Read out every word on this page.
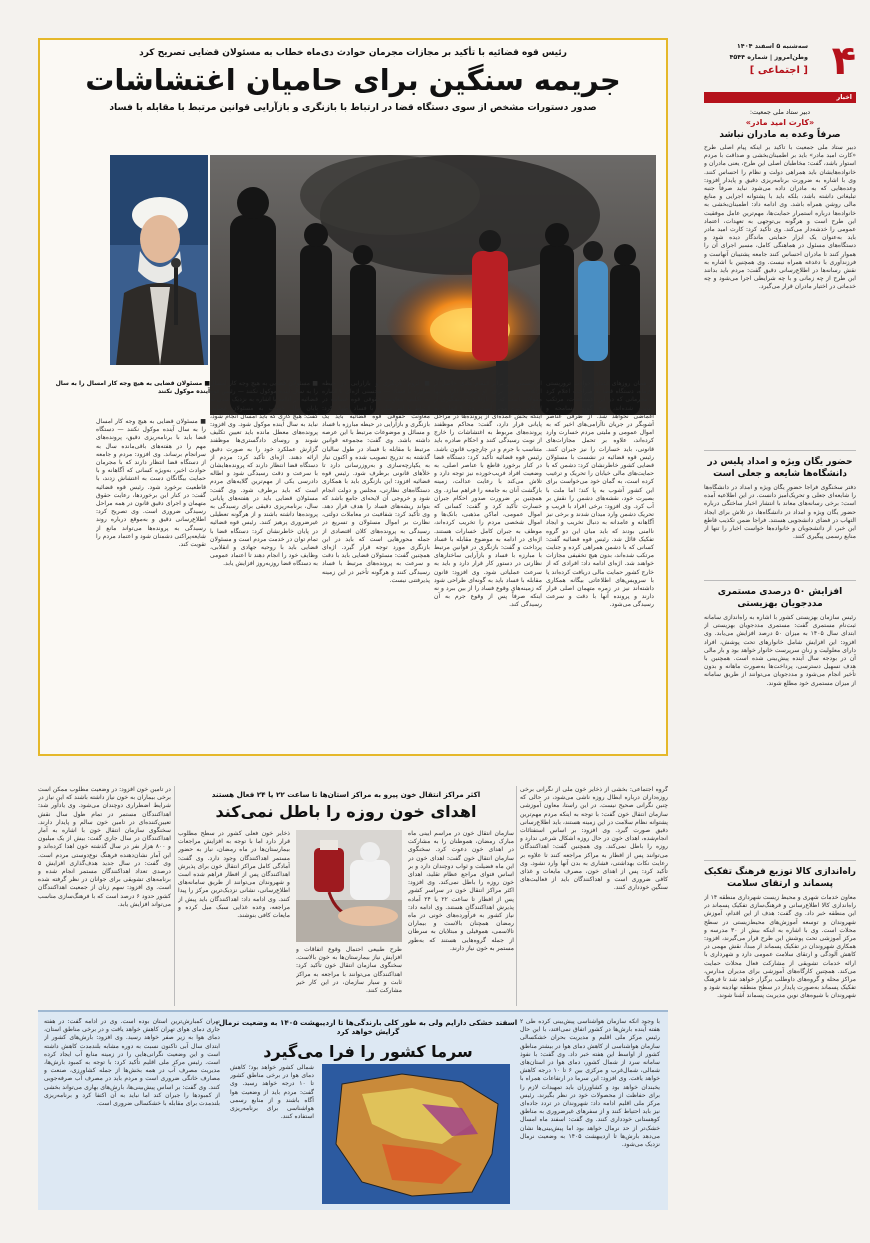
۴
سه‌شنبه ۵ اسفند ۱۴۰۴
وطن‌امروز | شماره ۴۵۴۴
[ اجتماعی ]
اخبار
دبیر ستاد ملی جمعیت:
«کارت امید مادر»
صرفاً وعده به مادران نباشد
دبیر ستاد ملی جمعیت با تأکید بر اینکه پیام اصلی طرح «کارت امید مادر» باید بر اطمینان‌بخشی و صداقت با مردم استوار باشد، گفت: مخاطبان اصلی این طرح، یعنی مادران و خانواده‌هایشان باید همراهی دولت و نظام را احساس کنند. وی با اشاره به ضرورت برنامه‌ریزی دقیق و پایدار افزود: وعده‌هایی که به مادران داده می‌شود نباید صرفاً جنبه تبلیغاتی داشته باشد، بلکه باید با پشتوانه اجرایی و منابع مالی روشن همراه باشد. وی ادامه داد: اطمینان‌بخشی به خانواده‌ها درباره استمرار حمایت‌ها، مهم‌ترین عامل موفقیت این طرح است و هرگونه بی‌توجهی به تعهدات، اعتماد عمومی را خدشه‌دار می‌کند. وی تأکید کرد: کارت امید مادر باید به‌عنوان یک ابزار حمایتی ماندگار دیده شود و دستگاه‌های مسئول در هماهنگی کامل، مسیر اجرای آن را هموار کنند تا مادران احساس کنند جامعه پشتیبان آنهاست و فرزندآوری با دغدغه همراه نیست. وی همچنین با اشاره به نقش رسانه‌ها در اطلاع‌رسانی دقیق گفت: مردم باید بدانند این طرح از چه زمانی و با چه شرایطی اجرا می‌شود و چه خدماتی در اختیار مادران قرار می‌گیرد.
حضور یگان ویژه و امداد پلیس در دانشگاه‌ها شایعه و جعلی است
دفتر سخنگوی فراجا حضور یگان ویژه و امداد در دانشگاه‌ها را شایعه‌ای جعلی و تحریک‌آمیز دانست. در این اطلاعیه آمده است: برخی رسانه‌های معاند با انتشار اخبار ساختگی درباره حضور یگان ویژه و امداد در دانشگاه‌ها، در تلاش برای ایجاد التهاب در فضای دانشجویی هستند. فراجا ضمن تکذیب قاطع این خبر، از دانشجویان و خانواده‌ها خواست اخبار را تنها از منابع رسمی پیگیری کنند.
افزایش ۵۰ درصدی مستمری مددجویان بهزیستی
رئیس سازمان بهزیستی کشور با اشاره به راه‌اندازی سامانه ثبت‌نام مستمری گفت: مستمری مددجویان بهزیستی از ابتدای سال ۱۴۰۵ به میزان ۵۰ درصد افزایش می‌یابد. وی افزود: این افزایش شامل خانوارهای تحت پوشش، افراد دارای معلولیت و زنان سرپرست خانوار خواهد بود و بار مالی آن در بودجه سال آینده پیش‌بینی شده است. همچنین با هدف تسهیل دسترسی، پرداخت‌ها به‌صورت ماهانه و بدون تأخیر انجام می‌شود و مددجویان می‌توانند از طریق سامانه از میزان مستمری خود مطلع شوند.
راه‌اندازی کالا توزیع فرهنگ تفکیک پسماند و ارتقای سلامت
معاون خدمات شهری و محیط زیست شهرداری منطقه ۱۴ از راه‌اندازی کالا اطلاع‌رسانی و فرهنگ‌سازی تفکیک پسماند در این منطقه خبر داد. وی گفت: هدف از این اقدام، آموزش شهروندان و توسعه آموزش‌های محیط‌زیستی در سطح محلات است. وی با اشاره به اینکه بیش از ۳۰ مدرسه و مرکز آموزشی تحت پوشش این طرح قرار می‌گیرند، افزود: همکاری شهروندان در تفکیک پسماند از مبدأ، نقش مهمی در کاهش آلودگی و ارتقای سلامت عمومی دارد و شهرداری با ارائه خدمات تشویقی از مشارکت فعال محلات حمایت می‌کند. همچنین کارگاه‌های آموزشی برای مدیران مدارس، مراکز محله و گروه‌های داوطلب برگزار خواهد شد تا فرهنگ تفکیک پسماند به‌صورت پایدار در سطح منطقه نهادینه شود و شهروندان با شیوه‌های نوین مدیریت پسماند آشنا شوند.
رئیس قوه قضائیه با تأکید بر مجازات مجرمان حوادث دی‌ماه خطاب به مسئولان قضایی تصریح کرد
جریمه سنگین برای حامیان اغتشاشات
صدور دستورات مشخص از سوی دستگاه قضا در ارتباط با بازنگری و بازآرایی قوانین مرتبط با مقابله با فساد
■ مسئولان قضایی به هیچ وجه کار امسال را به سال آینده موکول نکنند
از همان روزهای ابتدای حوادث تروریستی دی‌ماه، دستگاه قضا به صراحت اعلام کرد با مجرمانی که در این اغتشاشات، مرتکب جنایت شده‌اند، هیچ گونه مسامحه و اغماضی نخواهد شد. از طرفی عناصر آشوبگر در جریان ناآرامی‌های اخیر که به اموال عمومی و ملیتی مردم خسارت وارد کرده‌اند، علاوه بر تحمل مجازات‌های قانونی، باید خسارات را نیز جبران کنند. رئیس قوه قضائیه در نشست با مسئولان قضایی کشور خاطرنشان کرد: دشمن که با حمایت‌های مالی خیابان را تحریک و ترغیب کرده است، به گمان خود می‌خواست برای این کشور آشوب به پا کند؛ اما ملت با بصیرت خود، نقشه‌های دشمن را نقش بر آب کرد. وی افزود: برخی افراد با فریب و تحریک دشمن وارد میدان شدند و برخی نیز آگاهانه و عامدانه به دنبال تخریب و ایجاد ناامنی بودند که باید میان این دو گروه تفکیک قائل شد. رئیس قوه قضائیه گفت: کسانی که با دشمن همراهی کرده و جنایت مرتکب شده‌اند، بدون هیچ تخفیفی مجازات خواهند شد. اژه‌ای ادامه داد: افرادی که از خارج کشور حمایت مالی دریافت کرده‌اند یا با سرویس‌های اطلاعاتی بیگانه همکاری داشته‌اند نیز در زمره متهمان اصلی قرار دارند و پرونده آنها با دقت و سرعت رسیدگی می‌شود.
از جسمی، در برابر انتقام مادی حاصل از ارتکاب جرم، برای او صرفه دارد؛ تنها مقولاتی است که در بازداری و پیشگیری از ارتکاب جرم موثر است. وی با اشاره به اینکه بخش عمده‌ای از پرونده‌ها در مراحل پایانی قرار دارد، گفت: محاکم موظفند پرونده‌های مربوط به اغتشاشات را خارج از نوبت رسیدگی کنند و احکام صادره باید متناسب با جرم و در چارچوب قانون باشد. رئیس قوه قضائیه تأکید کرد: دستگاه قضا در کنار برخورد قاطع با عناصر اصلی، به وضعیت افراد فریب‌خورده نیز توجه دارد و تلاش می‌کند با رعایت عدالت، زمینه بازگشت آنان به جامعه را فراهم سازد. وی همچنین بر ضرورت صدور احکام جبران خسارت تأکید کرد و گفت: کسانی که اموال عمومی، اماکن مذهبی، بانک‌ها و اموال شخصی مردم را تخریب کرده‌اند، موظف به جبران کامل خسارات هستند. اژه‌ای در ادامه به موضوع مقابله با فساد پرداخت و گفت: بازنگری در قوانین مرتبط با مبارزه با فساد و بازآرایی ساختارهای نظارتی در دستور کار قرار دارد و باید به سرعت عملیاتی شود. وی افزود: قانون مقابله با فساد باید به گونه‌ای طراحی شود که زمینه‌های وقوع فساد را از بین ببرد و نه اینکه صرفاً پس از وقوع جرم به آن رسیدگی کند.
■ لزوم بازنگری و بازآرایی در حیطه مبارزه با فساد — محسنی اژه‌ای با اشاره به تکلیف معاونت حقوقی قوه قضائیه در ارتباط با امر مبارزه با فساد اظهار کرد: معاونت حقوقی قوه قضائیه باید یک بازنگری و بازآرایی در حیطه مبارزه با فساد و مسائل و موضوعات مرتبط با این عرصه داشته باشد. وی گفت: مجموعه قوانین مرتبط با مقابله با فساد در طول سالیان گذشته به تدریج تصویب شده و اکنون نیاز به یکپارچه‌سازی و به‌روزرسانی دارد تا خلأهای قانونی برطرف شود. رئیس قوه قضائیه افزود: این بازنگری باید با همکاری دستگاه‌های نظارتی، مجلس و دولت انجام شود و خروجی آن لایحه‌ای جامع باشد که بتواند ریشه‌های فساد را هدف قرار دهد. وی تأکید کرد: شفافیت در معاملات دولتی، نظارت بر اموال مسئولان و تسریع در رسیدگی به پرونده‌های کلان اقتصادی از جمله محورهایی است که باید در این بازنگری مورد توجه قرار گیرد. اژه‌ای همچنین گفت: مسئولان قضایی باید با دقت و سرعت به پرونده‌های مرتبط با فساد رسیدگی کنند و هرگونه تأخیر در این زمینه پذیرفتنی نیست.
■ مسئولان قضایی به هیچ وجه کار امسال را به سال آینده موکول نکنند — رئیس قوه قضائیه در ادامه با اشاره به نزدیک شدن به پایان سال خطاب به مسئولان قضایی گفت: هیچ کاری که باید امسال انجام شود، نباید به سال آینده موکول شود. وی افزود: پرونده‌های معطل مانده باید تعیین تکلیف شوند و روسای دادگستری‌ها موظفند گزارش عملکرد خود را به صورت دقیق ارائه دهند. اژه‌ای تأکید کرد: مردم از دستگاه قضا انتظار دارند که پرونده‌هایشان با سرعت و دقت رسیدگی شود و اطاله دادرسی یکی از مهم‌ترین گلایه‌های مردم است که باید برطرف شود. وی گفت: مسئولان قضایی باید در هفته‌های پایانی سال، برنامه‌ریزی دقیقی برای رسیدگی به پرونده‌ها داشته باشند و از هرگونه تعطیلی غیرضروری پرهیز کنند. رئیس قوه قضائیه در پایان خاطرنشان کرد: دستگاه قضا با تمام توان در خدمت مردم است و مسئولان قضایی باید با روحیه جهادی و انقلابی، وظایف خود را انجام دهند تا اعتماد عمومی به دستگاه قضا روزبه‌روز افزایش یابد.
■ مسئولان قضایی به هیچ وجه کار امسال را به سال آینده موکول نکنند — دستگاه قضا باید با برنامه‌ریزی دقیق، پرونده‌های مهم را در هفته‌های باقی‌مانده سال به سرانجام برساند. وی افزود: مردم و جامعه از دستگاه قضا انتظار دارند که با مجرمان حوادث اخیر، به‌ویژه کسانی که آگاهانه و با حمایت بیگانگان دست به اغتشاش زدند، با قاطعیت برخورد شود. رئیس قوه قضائیه گفت: در کنار این برخوردها، رعایت حقوق متهمان و اجرای دقیق قانون در همه مراحل رسیدگی ضروری است. وی تصریح کرد: اطلاع‌رسانی دقیق و به‌موقع درباره روند رسیدگی به پرونده‌ها می‌تواند مانع از شایعه‌پراکنی دشمنان شود و اعتماد مردم را تقویت کند.
در تامین خون افزود: در وضعیت مطلوب ممکن است برخی بیماران به خون نیاز داشته باشند که این نیاز در شرایط اضطراری دوچندان می‌شود. وی یادآور شد: اهداکنندگان مستمر در تمام طول سال نقش تعیین‌کننده‌ای در تامین خون سالم و پایدار دارند. سخنگوی سازمان انتقال خون با اشاره به آمار اهداکنندگان در سال جاری گفت: بیش از یک میلیون و ۸۰۰ هزار نفر در سال گذشته خون اهدا کرده‌اند و این آمار نشان‌دهنده فرهنگ نوع‌دوستی مردم است. وی گفت: در سال جدید هدف‌گذاری افزایش ۵ درصدی تعداد اهداکنندگان مستمر انجام شده و برنامه‌های تشویقی برای جوانان در نظر گرفته شده است. وی افزود: سهم زنان از جمعیت اهداکنندگان کشور حدود ۶ درصد است که با فرهنگ‌سازی مناسب می‌تواند افزایش یابد.
اکثر مراکز انتقال خون پیرو به مراکز استان‌ها تا ساعت ۲۲ یا ۲۴ فعال هستند
اهدای خون روزه را باطل نمی‌کند
سازمان انتقال خون در مراسم آیینی ماه مبارک رمضان، هموطنان را به مشارکت در اهدای خون دعوت کرد. سخنگوی سازمان انتقال خون گفت: اهدای خون در این ماه فضیلت و ثواب دوچندان دارد و بر اساس فتوای مراجع عظام تقلید، اهدای خون روزه را باطل نمی‌کند. وی افزود: اکثر مراکز انتقال خون در سراسر کشور پس از افطار تا ساعت ۲۲ یا ۲۴ آماده پذیرش اهداکنندگان هستند. وی ادامه داد: نیاز کشور به فرآورده‌های خونی در ماه رمضان همچنان بالاست و بیماران تالاسمی، هموفیلی و مبتلایان به سرطان از جمله گروه‌هایی هستند که به‌طور مستمر به خون نیاز دارند.
طرح طبیعی احتمال وقوع اتفاقات و افزایش نیاز بیمارستان‌ها به خون بالاست. سخنگوی سازمان انتقال خون تأکید کرد: اهداکنندگان می‌توانند با مراجعه به مراکز ثابت و سیار سازمان، در این کار خیر مشارکت کنند.
ذخایر خون فعلی کشور در سطح مطلوب قرار دارد اما با توجه به افزایش مراجعات بیمارستان‌ها در ماه رمضان، نیاز به حضور مستمر اهداکنندگان وجود دارد. وی گفت: آمادگی کامل مراکز انتقال خون برای پذیرش اهداکنندگان پس از افطار فراهم شده است و شهروندان می‌توانند از طریق سامانه‌های اطلاع‌رسانی، نشانی نزدیک‌ترین مرکز را پیدا کنند. وی ادامه داد: اهداکنندگان باید پیش از مراجعه، وعده غذایی سبک میل کرده و مایعات کافی بنوشند.
گروه اجتماعی: بخشی از ذخایر خون ملی از نگرانی برخی روزه‌داران درباره ابطال روزه ناشی می‌شود، در حالی که چنین نگرانی صحیح نیست. در این راستا، معاون آموزشی سازمان انتقال خون گفت: با توجه به اینکه مردم مهم‌ترین پشتوانه نظام سلامت در این زمینه هستند، باید اطلاع‌رسانی دقیق صورت گیرد. وی افزود: بر اساس استفتائات انجام‌شده، اهدای خون در حال روزه اشکال شرعی ندارد و روزه را باطل نمی‌کند. وی همچنین گفت: اهداکنندگان می‌توانند پس از افطار به مراکز مراجعه کنند تا علاوه بر رعایت نکات بهداشتی، فشاری به بدن آنها وارد نشود. وی تأکید کرد: پس از اهدای خون، مصرف مایعات و غذای کافی ضروری است و اهداکنندگان باید از فعالیت‌های سنگین خودداری کنند.
اسفند خشکی دارایم ولی به طور کلی بارندگی‌ها تا اردیبهشت ۱۴۰۵ به وضعیت نرمال گرایش خواهد کرد
سرما کشور را فرا می‌گیرد
با وجود آنکه سازمان هواشناسی پیش‌بینی کرده طی ۲ هفته آینده بارش‌ها در کشور اتفاق نمی‌افتد، با این حال رئیس مرکز ملی اقلیم و مدیریت بحران خشکسالی سازمان هواشناسی از کاهش دمای هوا در بیشتر مناطق کشور از اواسط این هفته خبر داد. وی گفت: با نفوذ سامانه سرد از شمال کشور، دمای هوا در استان‌های شمالی، شمال‌غرب و مرکزی بین ۶ تا ۱۰ درجه کاهش خواهد یافت. وی افزود: این سرما در ارتفاعات همراه با یخبندان خواهد بود و کشاورزان باید تمهیدات لازم را برای حفاظت از محصولات خود در نظر بگیرند. رئیس مرکز ملی اقلیم ادامه داد: شهروندان در تردد جاده‌ای نیز باید احتیاط کنند و از سفرهای غیرضروری به مناطق کوهستانی خودداری کنند. وی گفت: اسفند ماه امسال خشک‌تر از حد نرمال خواهد بود اما پیش‌بینی‌ها نشان می‌دهد بارش‌ها تا اردیبهشت ۱۴۰۵ به وضعیت نرمال نزدیک می‌شود.
شمالی کشور خواهد بود؛ کاهش دمای هوا در برخی مناطق کشور تا ۱۰ درجه خواهد رسید. وی گفت: مردم باید از وضعیت هوا آگاه باشند و از منابع رسمی هواشناسی برای برنامه‌ریزی استفاده کنند.
تهران کمبارش‌ترین استان بوده است. وی در ادامه گفت: در هفته جاری دمای هوای تهران کاهش خواهد یافت و در برخی مناطق استان، دمای هوا به زیر صفر خواهد رسید. وی افزود: بارش‌های کشور از ابتدای سال آبی تاکنون نسبت به دوره مشابه بلندمدت کاهش داشته است و این وضعیت نگرانی‌هایی را در زمینه منابع آب ایجاد کرده است. رئیس مرکز ملی اقلیم تأکید کرد: با توجه به کمبود بارش‌ها، مدیریت مصرف آب در همه بخش‌ها از جمله کشاورزی، صنعت و مصارف خانگی ضروری است و مردم باید در مصرف آب صرفه‌جویی کنند. وی گفت: بر اساس پیش‌بینی‌ها، بارش‌های بهاری می‌تواند بخشی از کمبودها را جبران کند اما نباید به آن اکتفا کرد و برنامه‌ریزی بلندمدت برای مقابله با خشکسالی ضروری است.
